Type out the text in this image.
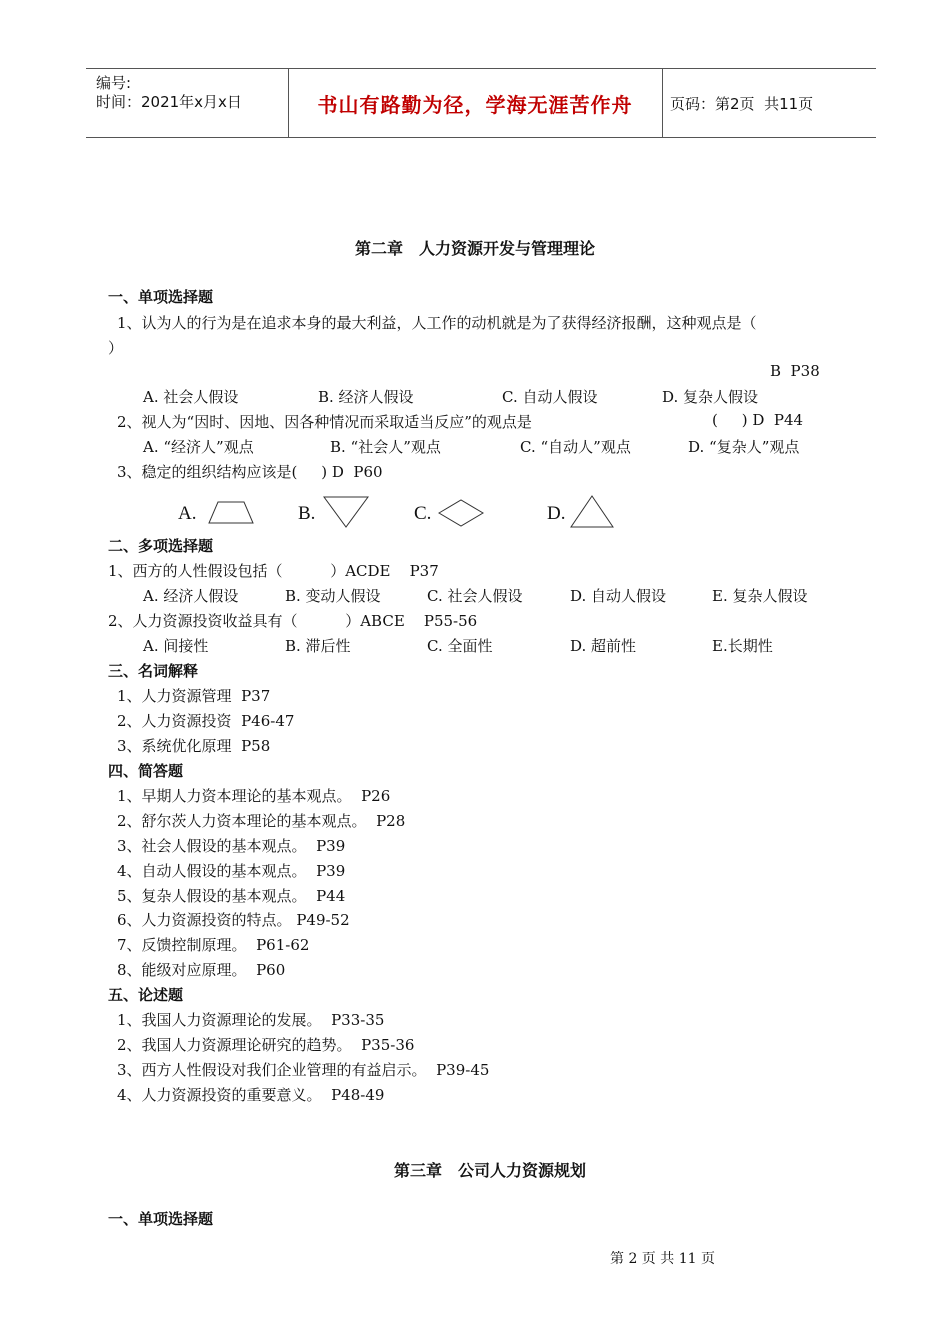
编号:
时间：2021年x月x日	书山有路勤为径，学海无涯苦作舟	页码：第2页  共11页
第二章　人力资源开发与管理理论
一、单项选择题
1、认为人的行为是在追求本身的最大利益，人工作的动机就是为了获得经济报酬，这种观点是（
）
B  P38
A. 社会人假设	B. 经济人假设	C. 自动人假设	D. 复杂人假设
2、视人为“因时、因地、因各种情况而采取适当反应”的观点是	(     ) D  P44
A. “经济人”观点	B. “社会人”观点	C. “自动人”观点	D. “复杂人”观点
3、稳定的组织结构应该是(     ) D  P60
A.	B.	C.	D.
二、多项选择题
1、西方的人性假设包括（          ）ACDE    P37
A. 经济人假设	B. 变动人假设	C. 社会人假设	D. 自动人假设	E. 复杂人假设
2、人力资源投资收益具有（          ）ABCE    P55-56
A. 间接性	B. 滞后性	C. 全面性	D. 超前性	E.长期性
三、名词解释
1、人力资源管理  P37
2、人力资源投资  P46-47
3、系统优化原理  P58
四、简答题
1、早期人力资本理论的基本观点。  P26
2、舒尔茨人力资本理论的基本观点。  P28
3、社会人假设的基本观点。  P39
4、自动人假设的基本观点。  P39
5、复杂人假设的基本观点。  P44
6、人力资源投资的特点。 P49-52
7、反馈控制原理。  P61-62
8、能级对应原理。  P60
五、论述题
1、我国人力资源理论的发展。  P33-35
2、我国人力资源理论研究的趋势。  P35-36
3、西方人性假设对我们企业管理的有益启示。  P39-45
4、人力资源投资的重要意义。  P48-49
第三章　公司人力资源规划
一、单项选择题
第 2 页 共 11 页
